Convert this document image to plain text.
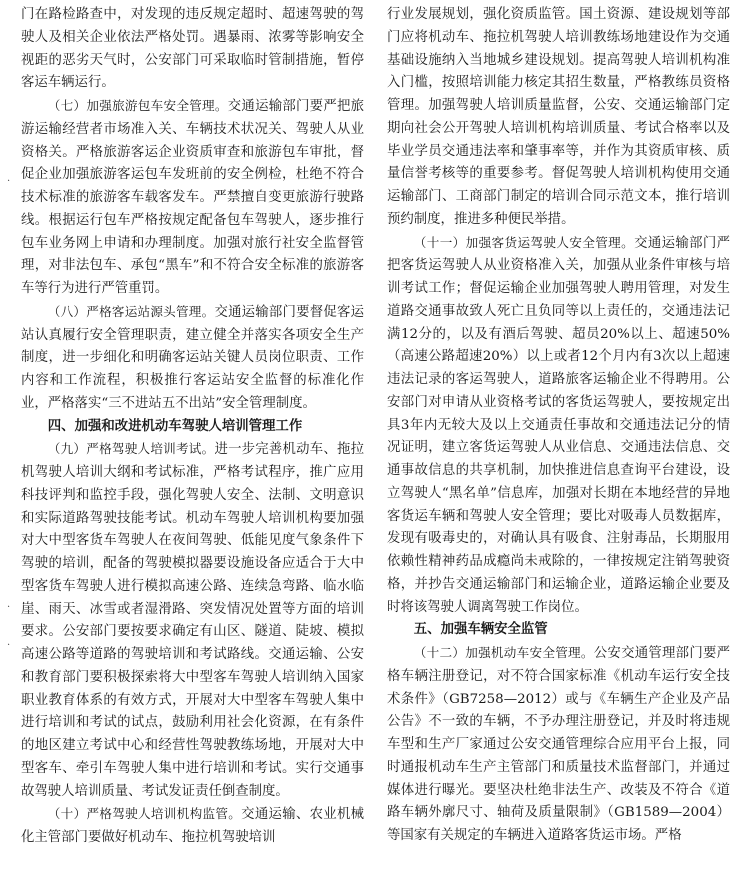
门在路检路查中，对发现的违反规定超时、超速驾驶的驾驶人及相关企业依法严格处罚。遇暴雨、浓雾等影响安全视距的恶劣天气时，公安部门可采取临时管制措施，暂停客运车辆运行。

（七）加强旅游包车安全管理。交通运输部门要严把旅游运输经营者市场准入关、车辆技术状况关、驾驶人从业资格关。严格旅游客运企业资质审查和旅游包车审批，督促企业加强旅游客运包车发班前的安全例检，杜绝不符合技术标准的旅游客车载客发车。严禁擅自变更旅游行驶路线。根据运行包车严格按规定配备包车驾驶人，逐步推行包车业务网上申请和办理制度。加强对旅行社安全监督管理，对非法包车、承包“黑车”和不符合安全标准的旅游客车等行为进行严管重罚。

（八）严格客运站源头管理。交通运输部门要督促客运站认真履行安全管理职责，建立健全并落实各项安全生产制度，进一步细化和明确客运站关键人员岗位职责、工作内容和工作流程，积极推行客运站安全监督的标准化作业，严格落实“三不进站五不出站”安全管理制度。

四、加强和改进机动车驾驶人培训管理工作

（九）严格驾驶人培训考试。进一步完善机动车、拖拉机驾驶人培训大纲和考试标准，严格考试程序，推广应用科技评判和监控手段，强化驾驶人安全、法制、文明意识和实际道路驾驶技能考试。机动车驾驶人培训机构要加强对大中型客货车驾驶人在夜间驾驶、低能见度气象条件下驾驶的培训，配备的驾驶模拟器要设施设备应适合于大中型客货车驾驶人进行模拟高速公路、连续急弯路、临水临崖、雨天、冰雪或者湿滑路、突发情况处置等方面的培训要求。公安部门要按要求确定有山区、隧道、陡坡、模拟高速公路等道路的驾驶培训和考试路线。交通运输、公安和教育部门要积极探索将大中型客车驾驶人培训纳入国家职业教育体系的有效方式，开展对大中型客车驾驶人集中进行培训和考试的试点，鼓励利用社会化资源，在有条件的地区建立考试中心和经营性驾驶教练场地，开展对大中型客车、牵引车驾驶人集中进行培训和考试。实行交通事故驾驶人培训质量、考试发证责任倒查制度。

（十）严格驾驶人培训机构监管。交通运输、农业机械化主管部门要做好机动车、拖拉机驾驶培训

行业发展规划，强化资质监管。国土资源、建设规划等部门应将机动车、拖拉机驾驶人培训教练场地建设作为交通基础设施纳入当地城乡建设规划。提高驾驶人培训机构准入门槛，按照培训能力核定其招生数量，严格教练员资格管理。加强驾驶人培训质量监督，公安、交通运输部门定期向社会公开驾驶人培训机构培训质量、考试合格率以及毕业学员交通违法率和肇事率等，并作为其资质审核、质量信誉考核等的重要参考。督促驾驶人培训机构使用交通运输部门、工商部门制定的培训合同示范文本，推行培训预约制度，推进多种便民举措。

（十一）加强客货运驾驶人安全管理。交通运输部门严把客货运驾驶人从业资格准入关，加强从业条件审核与培训考试工作；督促运输企业加强驾驶人聘用管理，对发生道路交通事故致人死亡且负同等以上责任的，交通违法记满12分的，以及有酒后驾驶、超员20%以上、超速50%（高速公路超速20%）以上或者12个月内有3次以上超速违法记录的客运驾驶人，道路旅客运输企业不得聘用。公安部门对申请从业资格考试的客货运驾驶人，要按规定出具3年内无较大及以上交通责任事故和交通违法记分的情况证明，建立客货运驾驶人从业信息、交通违法信息、交通事故信息的共享机制，加快推进信息查询平台建设，设立驾驶人“黑名单”信息库，加强对长期在本地经营的异地客货运车辆和驾驶人安全管理；要比对吸毒人员数据库，发现有吸毒史的，对确认具有吸食、注射毒品，长期服用依赖性精神药品成瘾尚未戒除的，一律按规定注销驾驶资格，并抄告交通运输部门和运输企业，道路运输企业要及时将该驾驶人调离驾驶工作岗位。

五、加强车辆安全监管

（十二）加强机动车安全管理。公安交通管理部门要严格车辆注册登记，对不符合国家标准《机动车运行安全技术条件》（GB7258—2012）或与《车辆生产企业及产品公告》不一致的车辆，不予办理注册登记，并及时将违规车型和生产厂家通过公安交通管理综合应用平台上报，同时通报机动车生产主管部门和质量技术监督部门，并通过媒体进行曝光。要坚决杜绝非法生产、改装及不符合《道路车辆外廓尺寸、轴荷及质量限制》（GB1589—2004）等国家有关规定的车辆进入道路客货运市场。严格

·
·
·
